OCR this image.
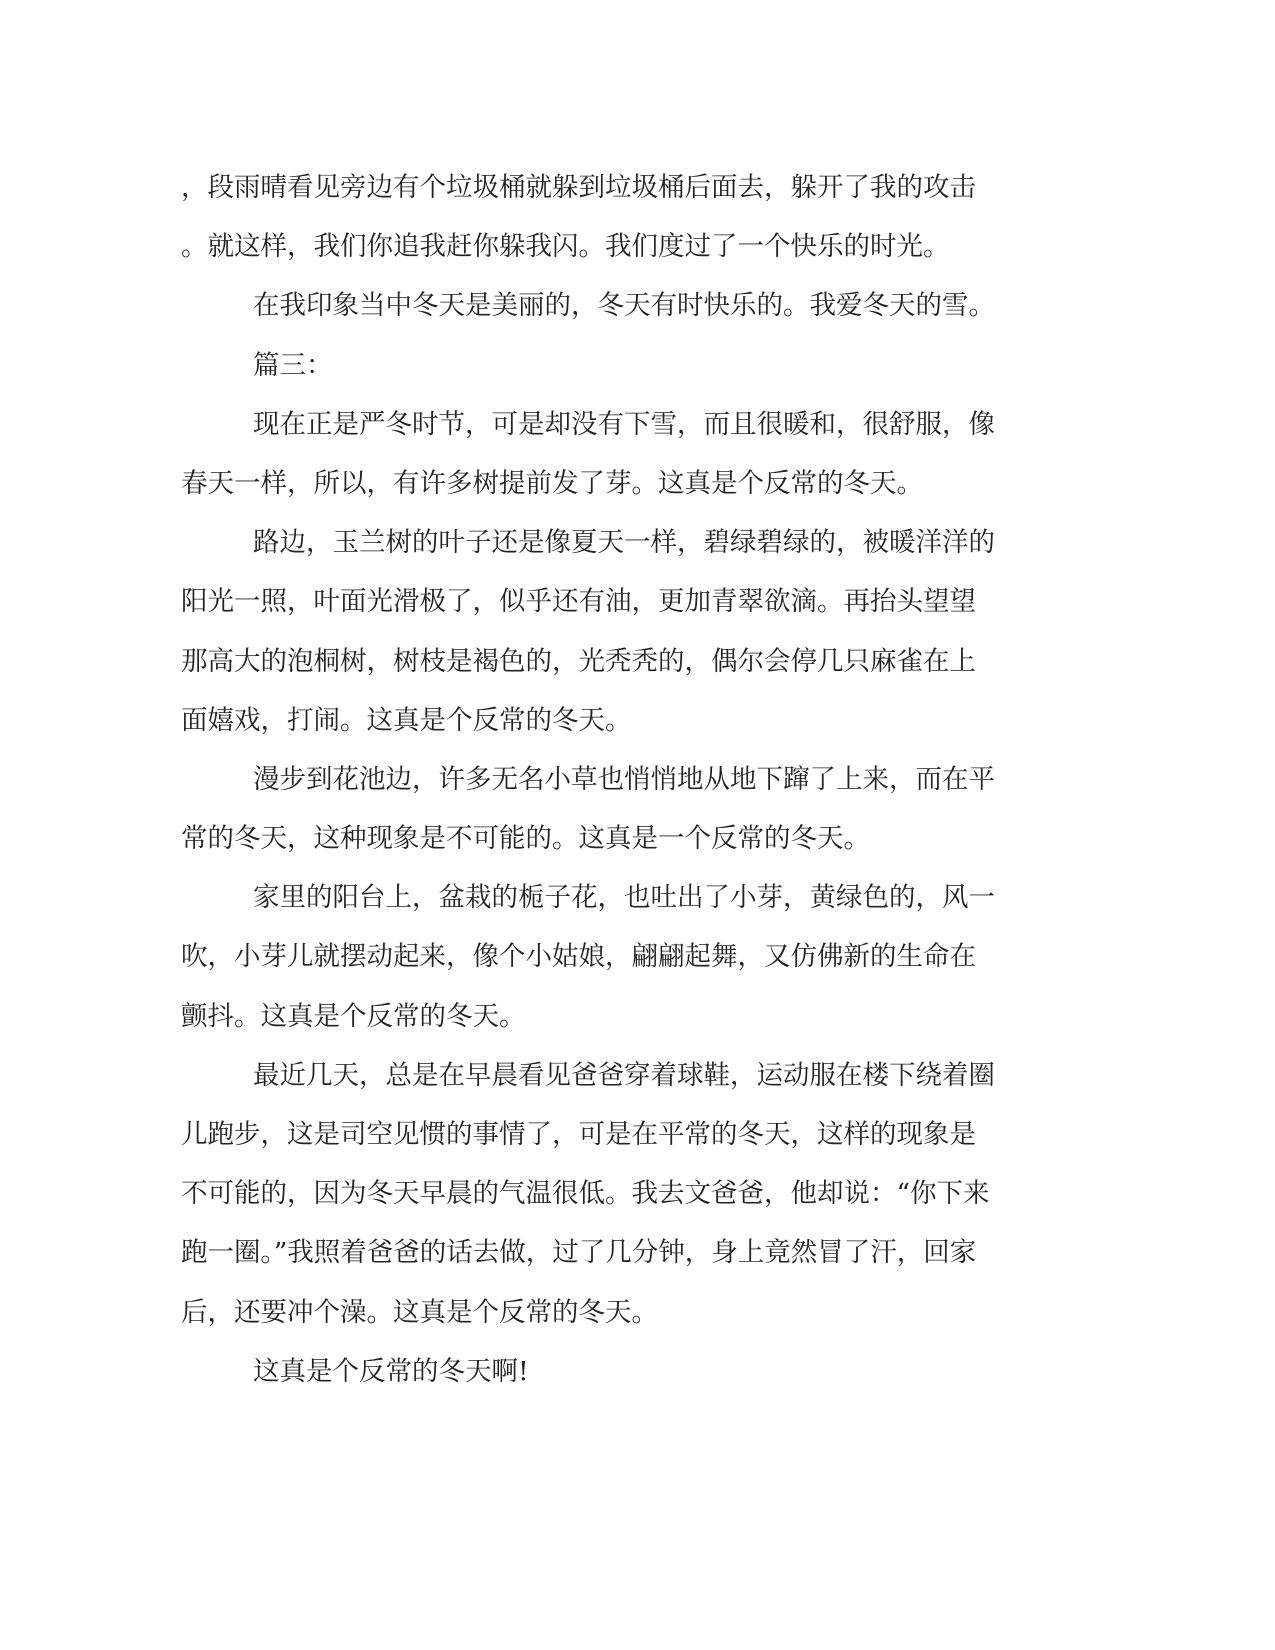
，段雨晴看见旁边有个垃圾桶就躲到垃圾桶后面去，躲开了我的攻击
。就这样，我们你追我赶你躲我闪。我们度过了一个快乐的时光。
在我印象当中冬天是美丽的，冬天有时快乐的。我爱冬天的雪。
篇三：
现在正是严冬时节，可是却没有下雪，而且很暖和，很舒服，像
春天一样，所以，有许多树提前发了芽。这真是个反常的冬天。
路边，玉兰树的叶子还是像夏天一样，碧绿碧绿的，被暖洋洋的
阳光一照，叶面光滑极了，似乎还有油，更加青翠欲滴。再抬头望望
那高大的泡桐树，树枝是褐色的，光秃秃的，偶尔会停几只麻雀在上
面嬉戏，打闹。这真是个反常的冬天。
漫步到花池边，许多无名小草也悄悄地从地下蹿了上来，而在平
常的冬天，这种现象是不可能的。这真是一个反常的冬天。
家里的阳台上，盆栽的栀子花，也吐出了小芽，黄绿色的，风一
吹，小芽儿就摆动起来，像个小姑娘，翩翩起舞，又仿佛新的生命在
颤抖。这真是个反常的冬天。
最近几天，总是在早晨看见爸爸穿着球鞋，运动服在楼下绕着圈
儿跑步，这是司空见惯的事情了，可是在平常的冬天，这样的现象是
不可能的，因为冬天早晨的气温很低。我去文爸爸，他却说：“你下来
跑一圈。”我照着爸爸的话去做，过了几分钟，身上竟然冒了汗，回家
后，还要冲个澡。这真是个反常的冬天。
这真是个反常的冬天啊!
